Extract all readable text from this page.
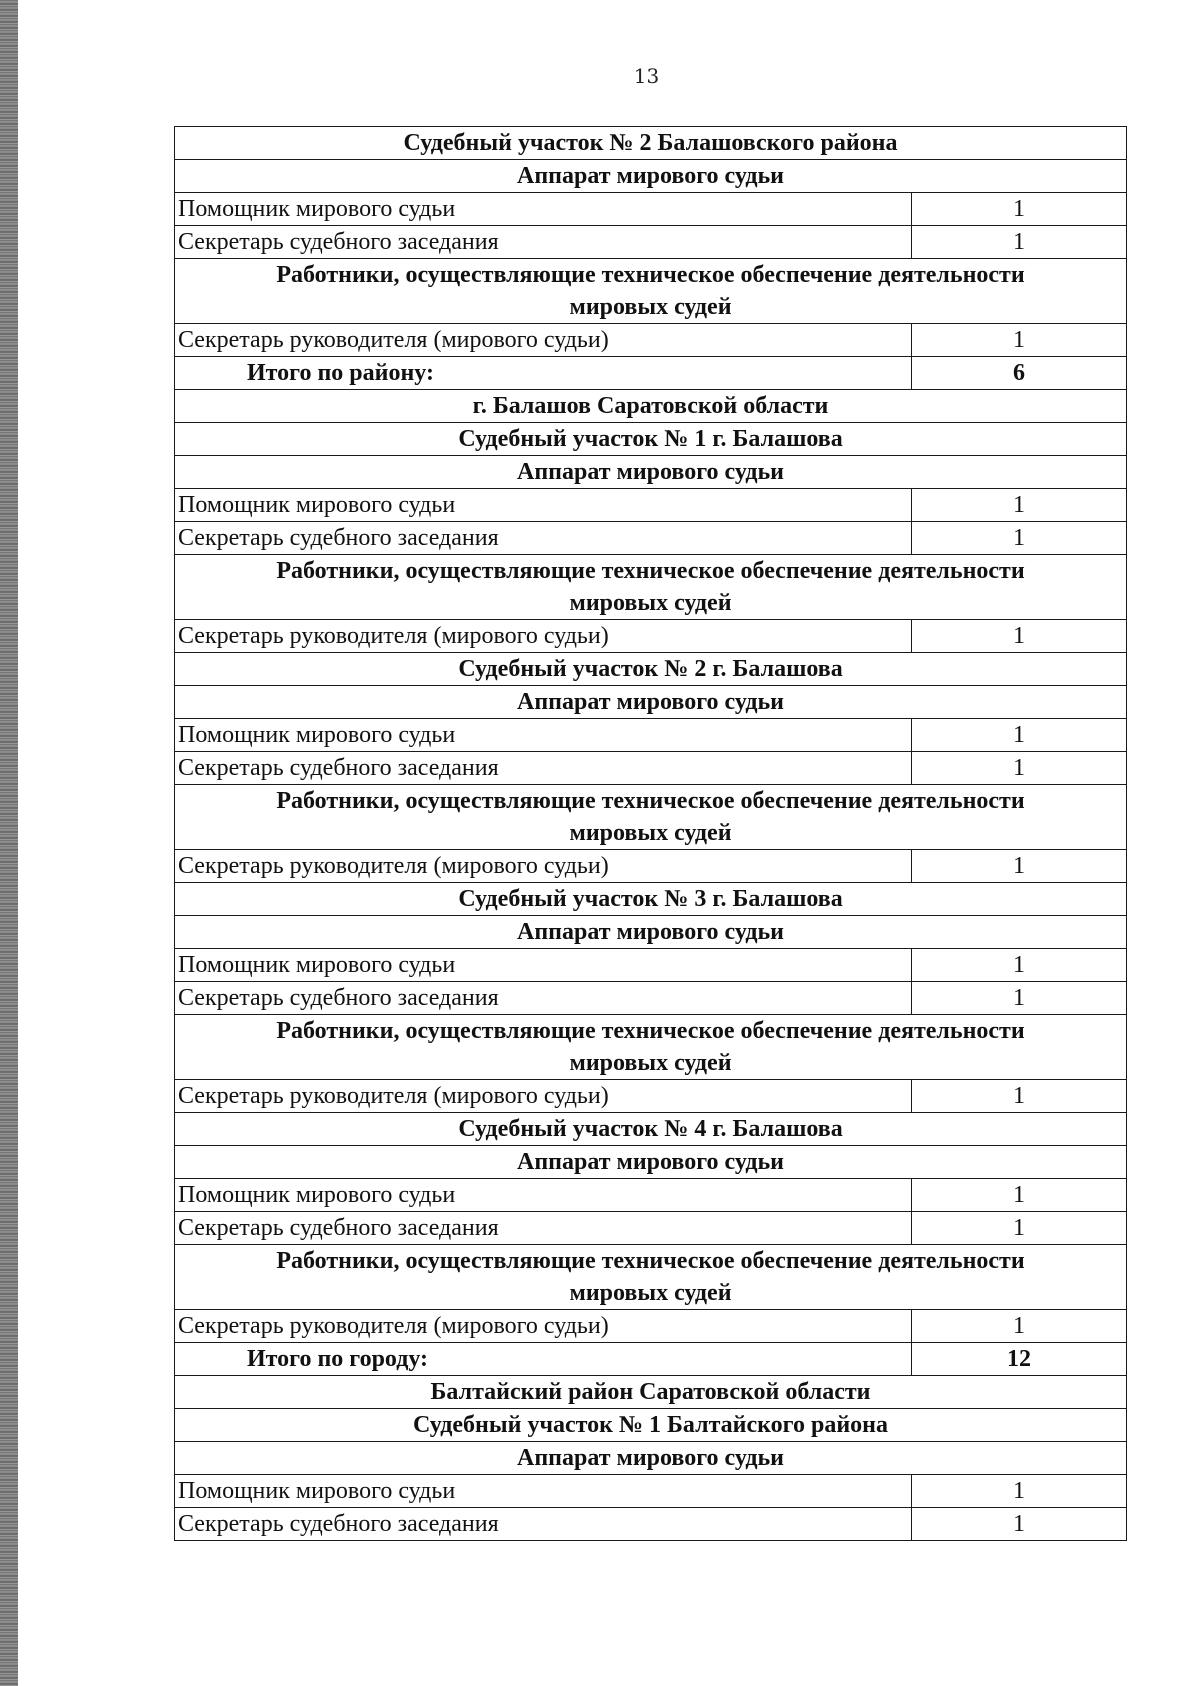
13
Судебный участок № 2 Балашовского района	
Аппарат мирового судьи	
Помощник мирового судьи	1
Секретарь судебного заседания	1

Работники, осуществляющие техническое обеспечение деятельности
мировых судей	

Секретарь руководителя (мирового судьи)	1
Итого по району:	6
г. Балашов Саратовской области	
Судебный участок № 1 г. Балашова	
Аппарат мирового судьи	
Помощник мирового судьи	1
Секретарь судебного заседания	1

Работники, осуществляющие техническое обеспечение деятельности
мировых судей	

Секретарь руководителя (мирового судьи)	1
Судебный участок № 2 г. Балашова	
Аппарат мирового судьи	
Помощник мирового судьи	1
Секретарь судебного заседания	1

Работники, осуществляющие техническое обеспечение деятельности
мировых судей	

Секретарь руководителя (мирового судьи)	1
Судебный участок № 3 г. Балашова	
Аппарат мирового судьи	
Помощник мирового судьи	1
Секретарь судебного заседания	1

Работники, осуществляющие техническое обеспечение деятельности
мировых судей	

Секретарь руководителя (мирового судьи)	1
Судебный участок № 4 г. Балашова	
Аппарат мирового судьи	
Помощник мирового судьи	1
Секретарь судебного заседания	1

Работники, осуществляющие техническое обеспечение деятельности
мировых судей	

Секретарь руководителя (мирового судьи)	1
Итого по городу:	12
Балтайский район Саратовской области	
Судебный участок № 1 Балтайского района	
Аппарат мирового судьи	
Помощник мирового судьи	1
Секретарь судебного заседания	1
